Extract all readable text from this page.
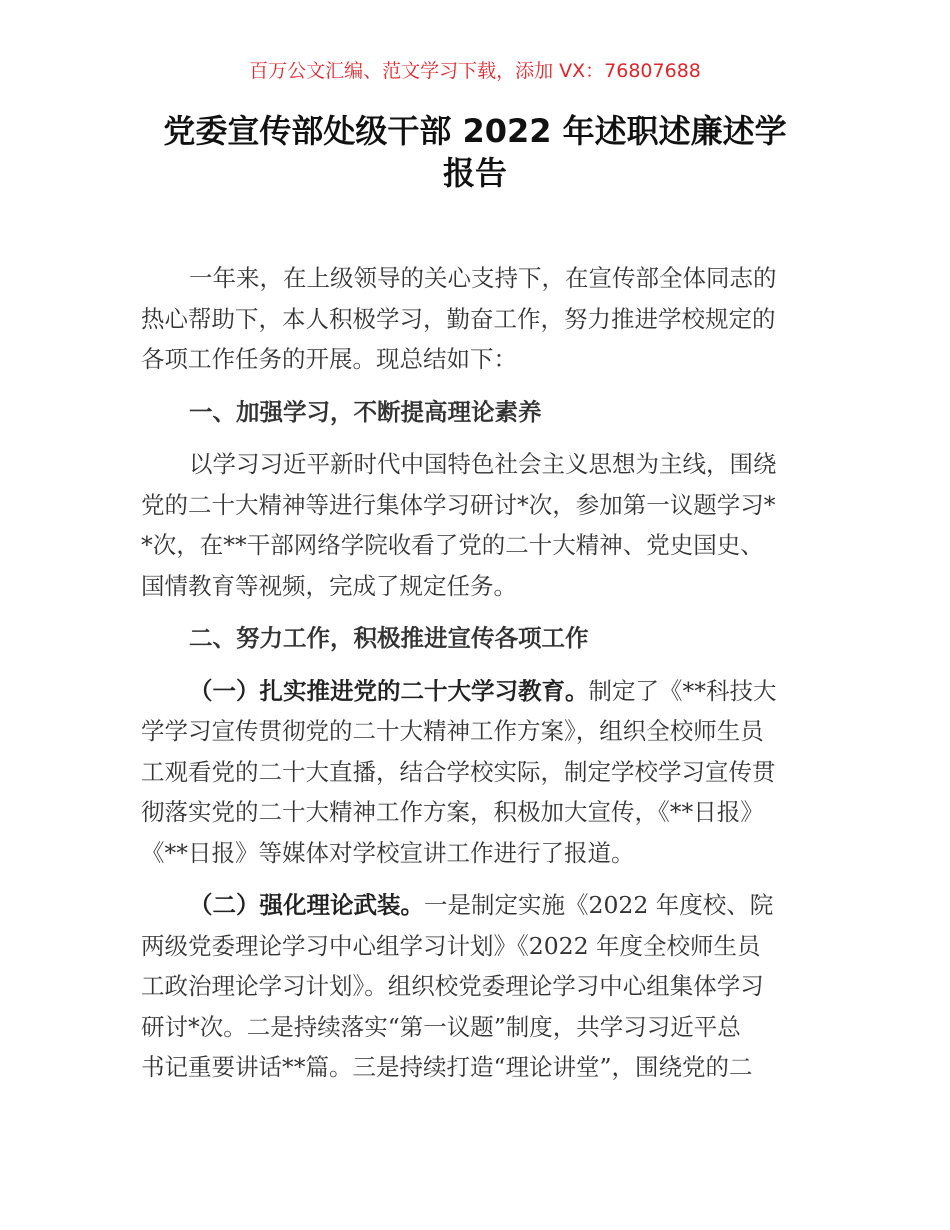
百万公文汇编、范文学习下载，添加 VX：76807688
党委宣传部处级干部 2022 年述职述廉述学
报告
一年来，在上级领导的关心支持下，在宣传部全体同志的
热心帮助下，本人积极学习，勤奋工作，努力推进学校规定的
各项工作任务的开展。现总结如下：
一、加强学习，不断提高理论素养
以学习习近平新时代中国特色社会主义思想为主线，围绕
党的二十大精神等进行集体学习研讨*次，参加第一议题学习*
*次，在**干部网络学院收看了党的二十大精神、党史国史、
国情教育等视频，完成了规定任务。
二、努力工作，积极推进宣传各项工作
（一）扎实推进党的二十大学习教育。制定了《**科技大
学学习宣传贯彻党的二十大精神工作方案》，组织全校师生员
工观看党的二十大直播，结合学校实际，制定学校学习宣传贯
彻落实党的二十大精神工作方案，积极加大宣传，《**日报》
《**日报》等媒体对学校宣讲工作进行了报道。
（二）强化理论武装。一是制定实施《2022 年度校、院
两级党委理论学习中心组学习计划》《2022 年度全校师生员
工政治理论学习计划》。组织校党委理论学习中心组集体学习
研讨*次。二是持续落实“第一议题”制度，共学习习近平总
书记重要讲话**篇。三是持续打造“理论讲堂”，围绕党的二
